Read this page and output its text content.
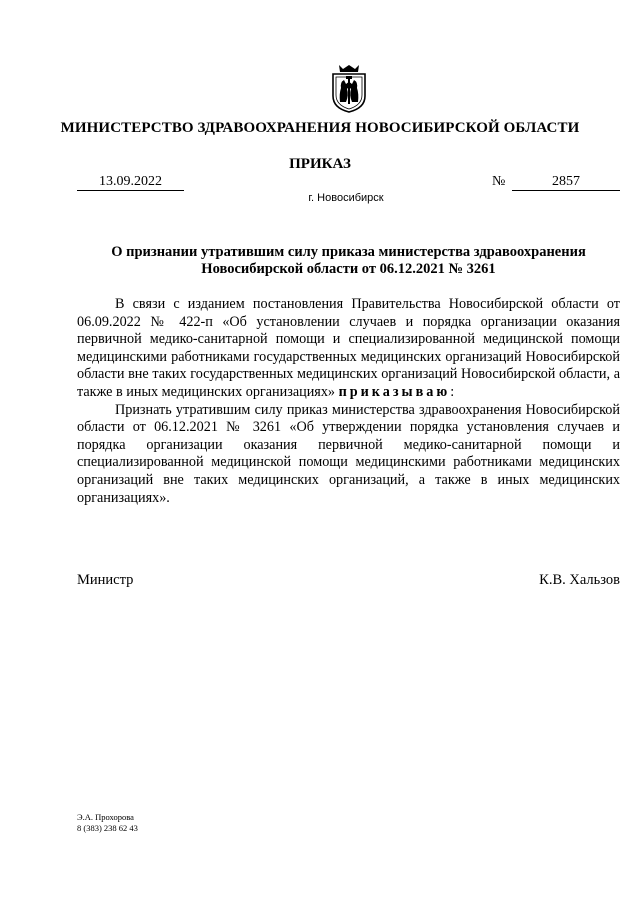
МИНИСТЕРСТВО ЗДРАВООХРАНЕНИЯ НОВОСИБИРСКОЙ ОБЛАСТИ
ПРИКАЗ
13.09.2022	№	2857
г. Новосибирск
О признании утратившим силу приказа министерства здравоохранения
Новосибирской области от 06.12.2021 № 3261

В связи с изданием постановления Правительства Новосибирской области от 06.09.2022 № 422-п «Об установлении случаев и порядка организации оказания первичной медико-санитарной помощи и специализированной медицинской помощи медицинскими работниками государственных медицинских организаций Новосибирской области вне таких государственных медицинских организаций Новосибирской области, а также в иных медицинских организациях» приказываю:

Признать утратившим силу приказ министерства здравоохранения Новосибирской области от 06.12.2021 № 3261 «Об утверждении порядка установления случаев и порядка организации оказания первичной медико-санитарной помощи и специализированной медицинской помощи медицинскими работниками медицинских организаций вне таких медицинских организаций, а также в иных медицинских организациях».

Министр	К.В. Хальзов
Э.А. Прохорова
8 (383) 238 62 43
